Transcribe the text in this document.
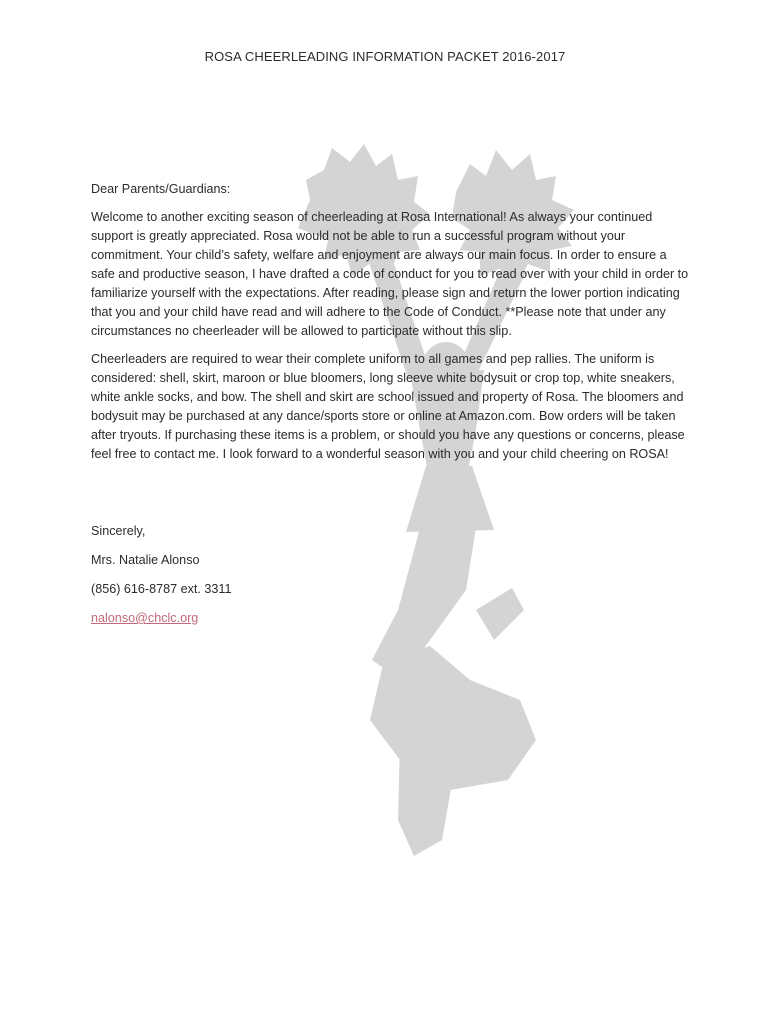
ROSA CHEERLEADING INFORMATION PACKET 2016-2017

Dear Parents/Guardians:

Welcome to another exciting season of cheerleading at Rosa International! As always your continued support is greatly appreciated. Rosa would not be able to run a successful program without your commitment. Your child’s safety, welfare and enjoyment are always our main focus. In order to ensure a safe and productive season, I have drafted a code of conduct for you to read over with your child in order to familiarize yourself with the expectations. After reading, please sign and return the lower portion indicating that you and your child have read and will adhere to the Code of Conduct. **Please note that under any circumstances no cheerleader will be allowed to participate without this slip.

Cheerleaders are required to wear their complete uniform to all games and pep rallies. The uniform is considered: shell, skirt, maroon or blue bloomers, long sleeve white bodysuit or crop top, white sneakers, white ankle socks, and bow. The shell and skirt are school issued and property of Rosa. The bloomers and bodysuit may be purchased at any dance/sports store or online at Amazon.com. Bow orders will be taken after tryouts. If purchasing these items is a problem, or should you have any questions or concerns, please feel free to contact me. I look forward to a wonderful season with you and your child cheering on ROSA!

Sincerely,
Mrs. Natalie Alonso
(856) 616-8787 ext. 3311
nalonso@chclc.org
